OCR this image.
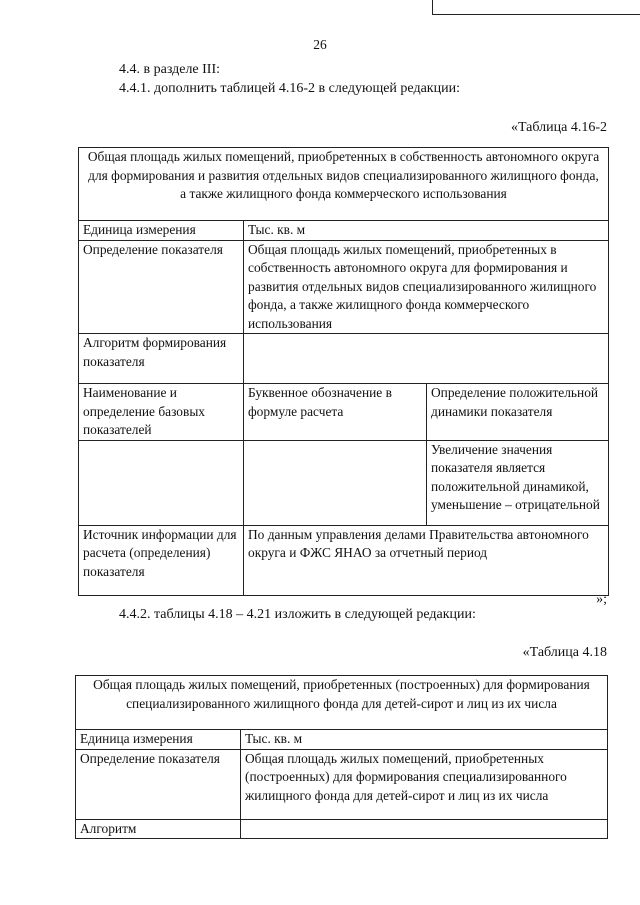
26
4.4. в разделе III:
4.4.1. дополнить таблицей 4.16-2 в следующей редакции:
«Таблица 4.16-2
Общая площадь жилых помещений, приобретенных в собственность автономного округа для формирования и развития отдельных видов специализированного жилищного фонда, а также жилищного фонда коммерческого использования		
Единица измерения	Тыс. кв. м	
Определение показателя	Общая площадь жилых помещений, приобретенных в собственность автономного округа для формирования и развития отдельных видов специализированного жилищного фонда, а также жилищного фонда коммерческого использования	
Алгоритм формирования показателя		
Наименование и определение базовых показателей	Буквенное обозначение в формуле расчета	Определение положительной динамики показателя
		Увеличение значения показателя является положительной динамикой, уменьшение – отрицательной
Источник информации для расчета (определения) показателя	По данным управления делами Правительства автономного округа и ФЖС ЯНАО за отчетный период	
»;
4.4.2. таблицы 4.18 – 4.21 изложить в следующей редакции:
«Таблица 4.18
Общая площадь жилых помещений, приобретенных (построенных) для формирования специализированного жилищного фонда для детей-сирот и лиц из их числа	
Единица измерения	Тыс. кв. м
Определение показателя	Общая площадь жилых помещений, приобретенных (построенных) для формирования специализированного жилищного фонда для детей-сирот и лиц из их числа
Алгоритм	
